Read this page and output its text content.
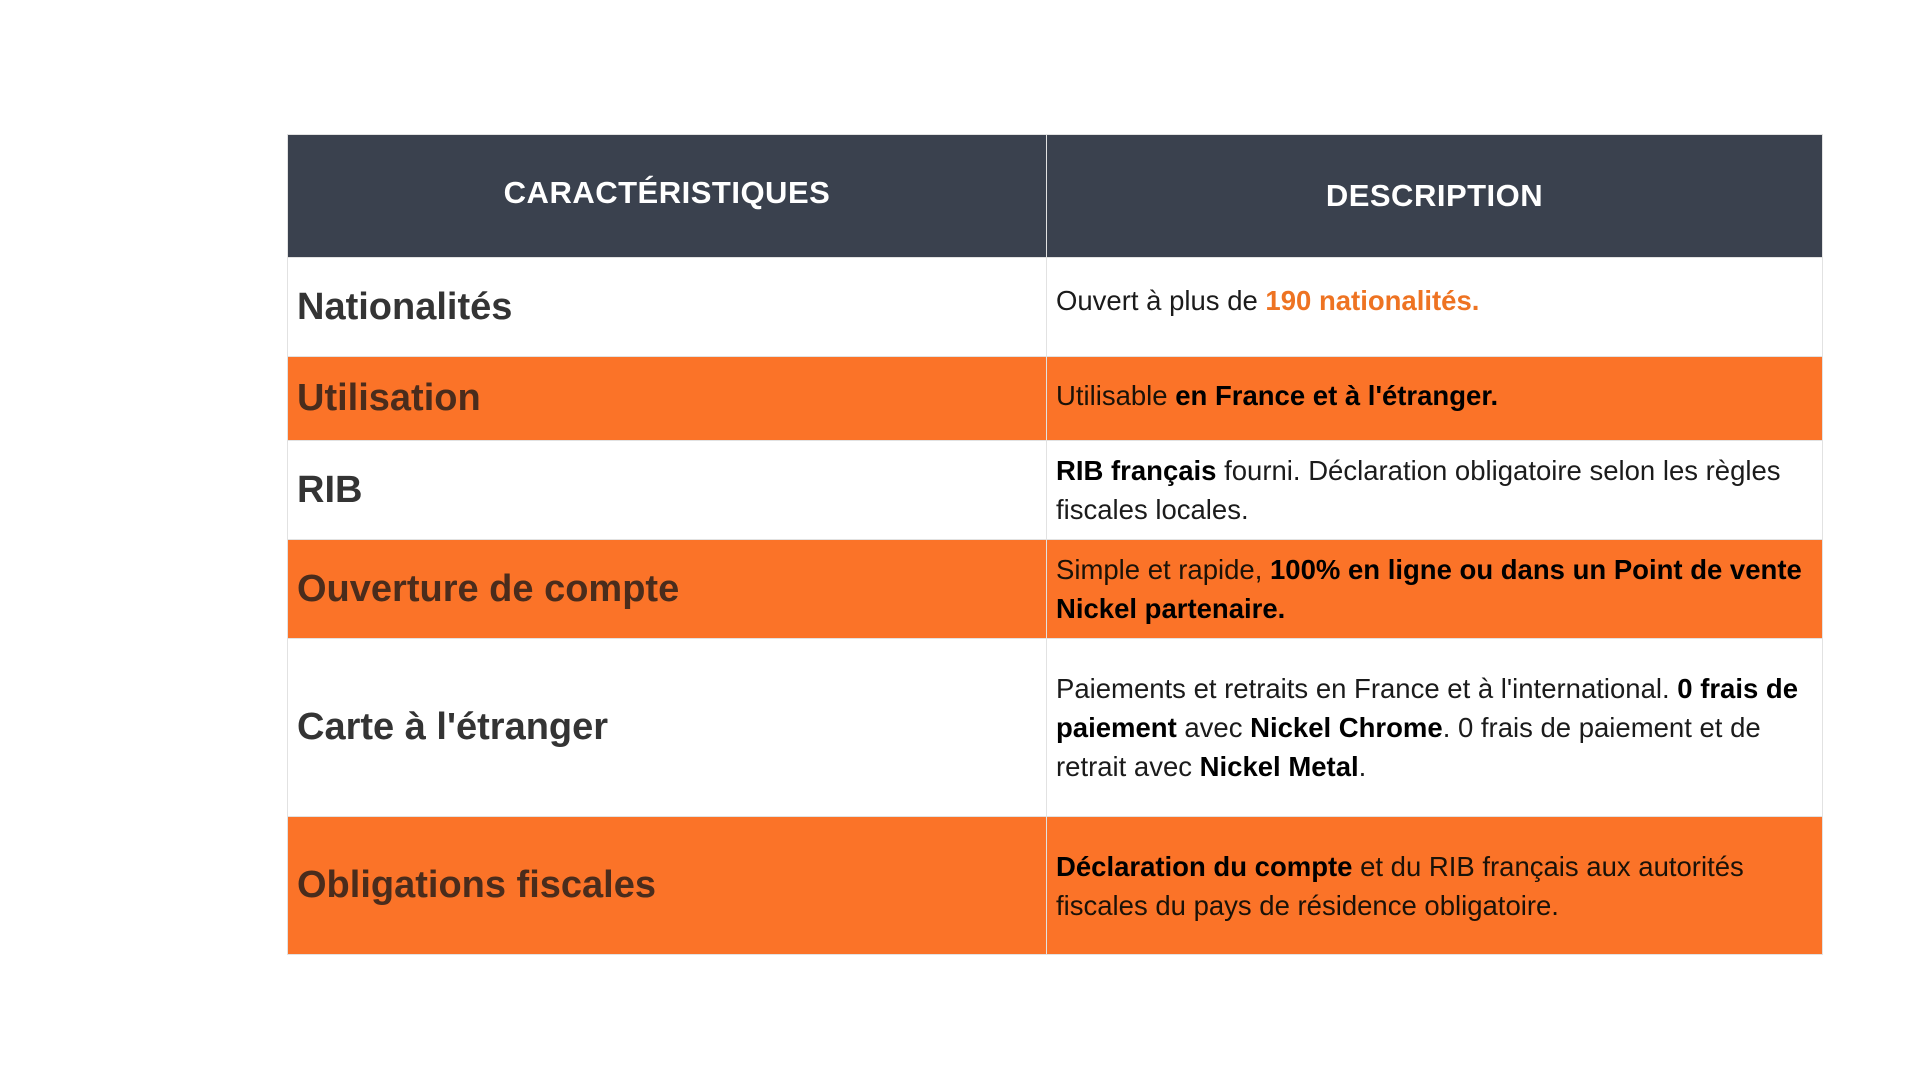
CARACTÉRISTIQUES	DESCRIPTION
Nationalités	Ouvert à plus de 190 nationalités.
Utilisation	Utilisable en France et à l'étranger.
RIB	RIB français fourni. Déclaration obligatoire selon les règles fiscales locales.
Ouverture de compte	Simple et rapide, 100% en ligne ou dans un Point de vente Nickel partenaire.
Carte à l'étranger	Paiements et retraits en France et à l'international. 0 frais de paiement avec Nickel Chrome. 0 frais de paiement et de retrait avec Nickel Metal.
Obligations fiscales	Déclaration du compte et du RIB français aux autorités fiscales du pays de résidence obligatoire.
